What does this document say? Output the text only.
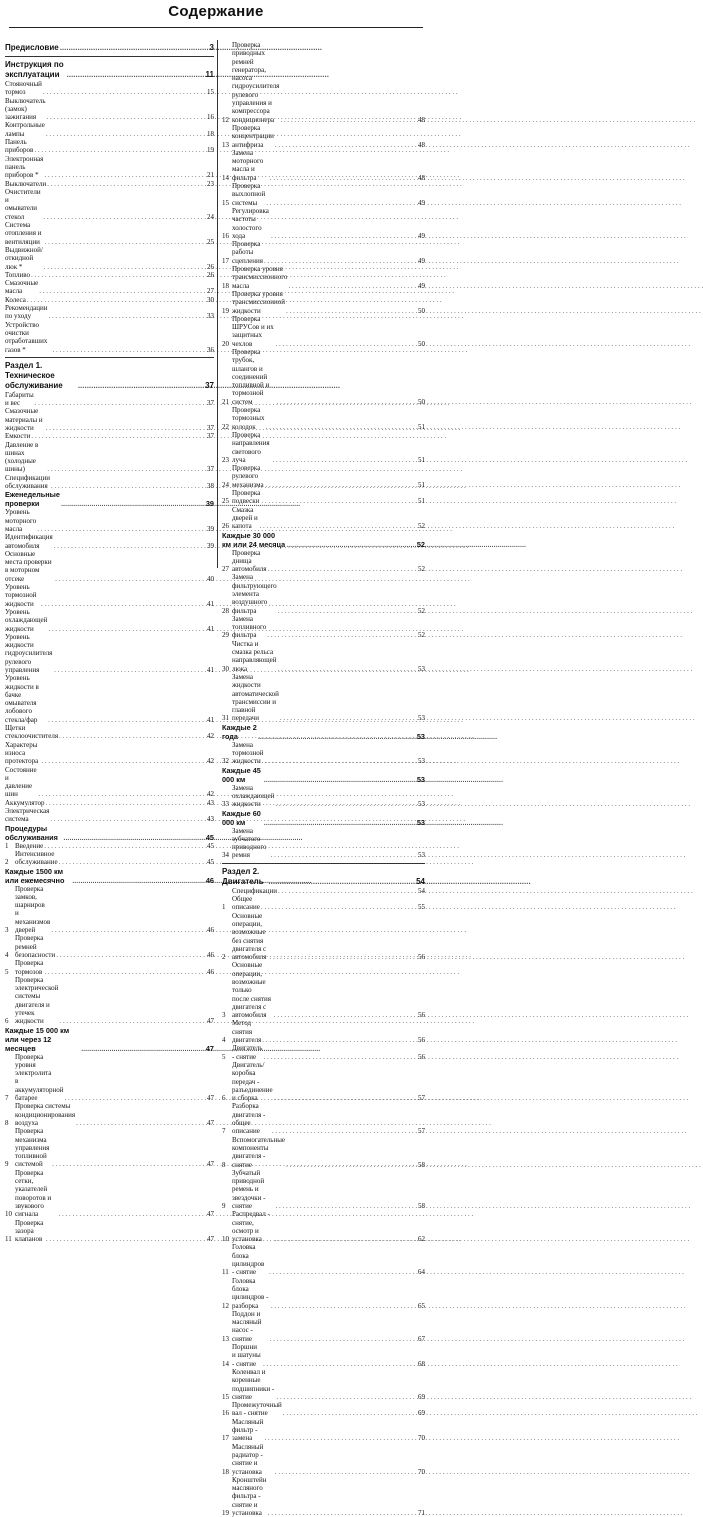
Содержание
Предисловие .....	3
Инструкция по эксплуатации .....	11
Стояночный тормоз . . .	15
Выключатель (замок) зажигания . . .	16
Контрольные лампы . . .	18
Панель приборов . . .	19
Электронная панель приборов * . . .	21
Выключатели . . .	23
Очистители и омыватели стекол . . .	24
Система отопления и вентиляции . . .	25
Выдвижной/откидной люк * . . .	26
Топливо . . .	26
Смазочные масла . . .	27
Колеса . . .	30
Рекомендации по уходу . . .	33
Устройство очистки отработавших газов * . . .	36
Раздел 1. Техническое обслуживание .....	37
Габариты и вес . . .	37
Смазочные материалы и жидкости . . .	37
Емкости . . .	37
Давление в шинах (холодные шины) . . .	37
Спецификации обслуживания . . .	38
Еженедельные проверки .....	39
Уровень моторного масла . . .	39
Идентификация автомобиля . . .	39
Основные места проверки в моторном отсеке . . .	40
Уровень тормозной жидкости . . .	41
Уровень охлаждающей жидкости . . .	41
Уровень жидкости гидроусилителя рулевого
управления . . .	41
Уровень жидкости в бачке омывателя
лобового стекла/фар . . .	41
Щетки стеклоочистителя . . .	42
Характеры износа протектора . . .	42
Состояние и давление шин . . .	42
Аккумулятор . . .	43
Электрическая система . . .	43
Процедуры обслуживания .....	45
1 Введение . . .	45
2
Интенсивное обслуживание . . .	45
Каждые 1500 км или ежемесячно .....	46
3
Проверка замков, шарниров
и механизмов дверей . . .	46
4
Проверка ремней безопасности . . .	46
5
Проверка тормозов . . .	46
6
Проверка электрической системы
двигателя и утечек жидкости . . .	47
Каждые 15 000 км или через 12 месяцев .....	47
7
Проверка уровня электролита
в аккумуляторной батарее . . .	47
8
Проверка системы кондиционирования воздуха . . .	47
9
Проверка механизма управления
топливной системой . . .	47
10
Проверка сетки, указателей поворотов и
звукового сигнала . . .	47
11
Проверка зазора клапанов . . .	47
12
Проверка приводных ремней генератора,
насоса гидроусилителя рулевого
управления и компрессора кондиционера . . .	48
13
Проверка концентрации антифриза . . .	48
14
Замена моторного масла и фильтра . . .	48
15
Проверка выхлопной системы . . .	49
16
Регулировка частоты холостого хода . . .	49
17
Проверка работы сцепления . . .	49
18
Проверка уровня трансмиссионного масла . . .	49
19
Проверка уровня трансмиссионной жидкости . . .	50
20
Проверка ШРУСов и их защитных чехлов . . .	50
21
Проверка трубок, шлангов и
соединений топливной и тормозной систем . . .	50
22
Проверка тормозных колодок . . .	51
23
Проверка направления светового луча . . .	51
24
Проверка рулевого механизма . . .	51
25
Проверка подвески . . .	51
26
Смазка дверей и капота . . .	52
Каждые 30 000 км или 24 месяца .....	52
27
Проверка днища автомобиля . . .	52
28
Замена фильтрующего элемента
воздушного фильтра . . .	52
29
Замена топливного фильтра . . .	52
30
Чистка и смазка рельса направляющей люка . . .	53
31
Замена жидкости автоматической
трансмиссии и главной передачи . . .	53
Каждые 2 года .....	53
32
Замена тормозной жидкости . . .	53
Каждые 45 000 км .....	53
33
Замена охлаждающей жидкости . . .	53
Каждые 60 000 км .....	53
34
Замена зубчатого приводного ремня . . .	53
Раздел 2. Двигатель .....	54
Спецификации . . .	54
1
Общее описание . . .	55
2
Основные операции, возможные
без снятия двигателя с автомобиля . . .	56
3
Основные операции, возможные только
после снятия двигателя с автомобиля . . .	56
4
Метод снятия двигателя . . .	56
5
Двигатель - снятие . . .	56
6
Двигатель/коробка передач -
разъединение и сборка . . .	57
7
Разборка двигателя - общее описание . . .	57
8
Вспомогательные компоненты двигателя -
снятие . . .	58
9
Зубчатый приводной ремень и звездочки -
снятие . . .	58
10
Распредвал - снятие, осмотр и установка . . .	62
11
Головка блока цилиндров - снятие . . .	64
12
Головка блока цилиндров - разборка . . .	65
13
Поддон и масляный насос - снятие . . .	67
14
Поршни и шатуны - снятие . . .	68
15
Коленвал и коренные подшипники - снятие . . .	69
16
Промежуточный вал - снятие . . .	69
17
Масляный фильтр - замена . . .	70
18
Масляный радиатор - снятие и установка . . .	70
19
Кронштейн масляного фильтра -
снятие и установка . . .	71
